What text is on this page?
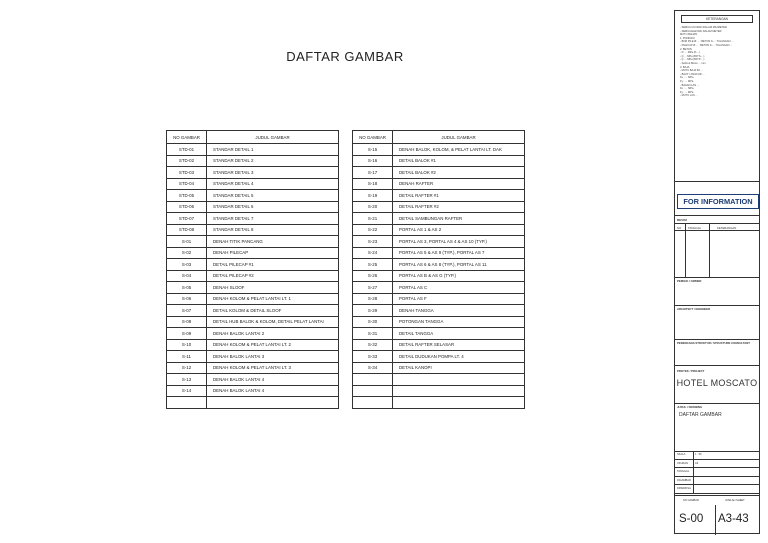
DAFTAR GAMBAR
NO GAMBAR	JUDUL GAMBAR
STD-01	STANDAR DETAIL 1
STD-02	STANDAR DETAIL 2
STD-03	STANDAR DETAIL 3
STD-04	STANDAR DETAIL 4
STD-05	STANDAR DETAIL 5
STD-06	STANDAR DETAIL 6
STD-07	STANDAR DETAIL 7
STD-08	STANDAR DETAIL 8
S-01	DENAH TITIK PANCANG
S-02	DENAH PILECAP
S-03	DETAIL PILECAP #1
S-04	DETAIL PILECAP #2
S-05	DENAH SLOOF
S-06	DENAH KOLOM & PELAT LANTAI LT. 1
S-07	DETAIL KOLOM & DETAIL SLOOF
S-08	DETAIL HUB BALOK & KOLOM, DETAIL PELAT LANTAI
S-09	DENAH BALOK LANTAI 2
S-10	DENAH KOLOM & PELAT LANTAI LT. 2
S-11	DENAH BALOK LANTAI 3
S-12	DENAH KOLOM & PELAT LANTAI LT. 3
S-13	DENAH BALOK LANTAI 4
S-14	DENAH BALOK LANTAI 4

NO GAMBAR	JUDUL GAMBAR
S-15	DENAH BALOK, KOLOM, & PELAT LANTAI LT. DAK
S-16	DETAIL BALOK #1
S-17	DETAIL BALOK #2
S-18	DENAH RAFTER
S-19	DETAIL RAFTER #1
S-20	DETAIL RAFTER #2
S-21	DETAIL SAMBUNGAN RAFTER
S-22	PORTAL AS 1 & AS 2
S-23	PORTAL AS 3, PORTAL AS 4 & AS 10 (TYP.)
S-24	PORTAL AS 5 & AS 9 (TYP.), PORTAL AS 7
S-25	PORTAL AS 6 & AS 8 (TYP.), PORTAL AS 11
S-26	PORTAL AS B & AS G (TYP.)
S-27	PORTAL AS C
S-28	PORTAL AS F
S-29	DENAH TANGGA
S-30	POTONGAN TANGGA
S-31	DETAIL TANGGA
S-32	DETAIL RAFTER SELASAR
S-33	DETAIL DUDUKAN POMPA LT. 4
S-34	DETAIL KANOPI

KETERANGAN
- SEMUA UKURAN DALAM MILIMETER
- SEMUA ELEVASI DALAM METER
MUTU BAHAN
1. PONDASI
- BOR PILE Ø ... : BETON K-... TULANGAN ...
- PILECAP Ø ... : BETON K-... TULANGAN ...
2. BETON
- fc' ... MPa (K-...)
- fy ... MPa (BJTS-...)
- fy ... MPa (BJTP-...)
- Selimut Beton ... mm
3. BAJA
- MUTU BAJA BJ ...
- BAUT / ANGKUR ...
Fu : ... MPa
Fy : ... MPa
- BAHAN LAS ...
Fu : ... MPa
Fy : ... MPa
- MUTU LAS ...
FOR INFORMATION
REVISI
NO TANGGAL	KETERANGAN
PEMILIK / OWNER
ARCHITECT / ENGINEER
PERENCANA STRUKTUR / STRUCTURE CONSULTANT
PROYEK / PROJECT
HOTEL MOSCATO
JUDUL / DRAWING
DAFTAR GAMBAR
SKALA	1 : 50
UKURAN	A3
TANGGAL
DIGAMBAR
DIPERIKSA
NO GAMBAR	JUMLAH SHEET
S-00 A3-43
